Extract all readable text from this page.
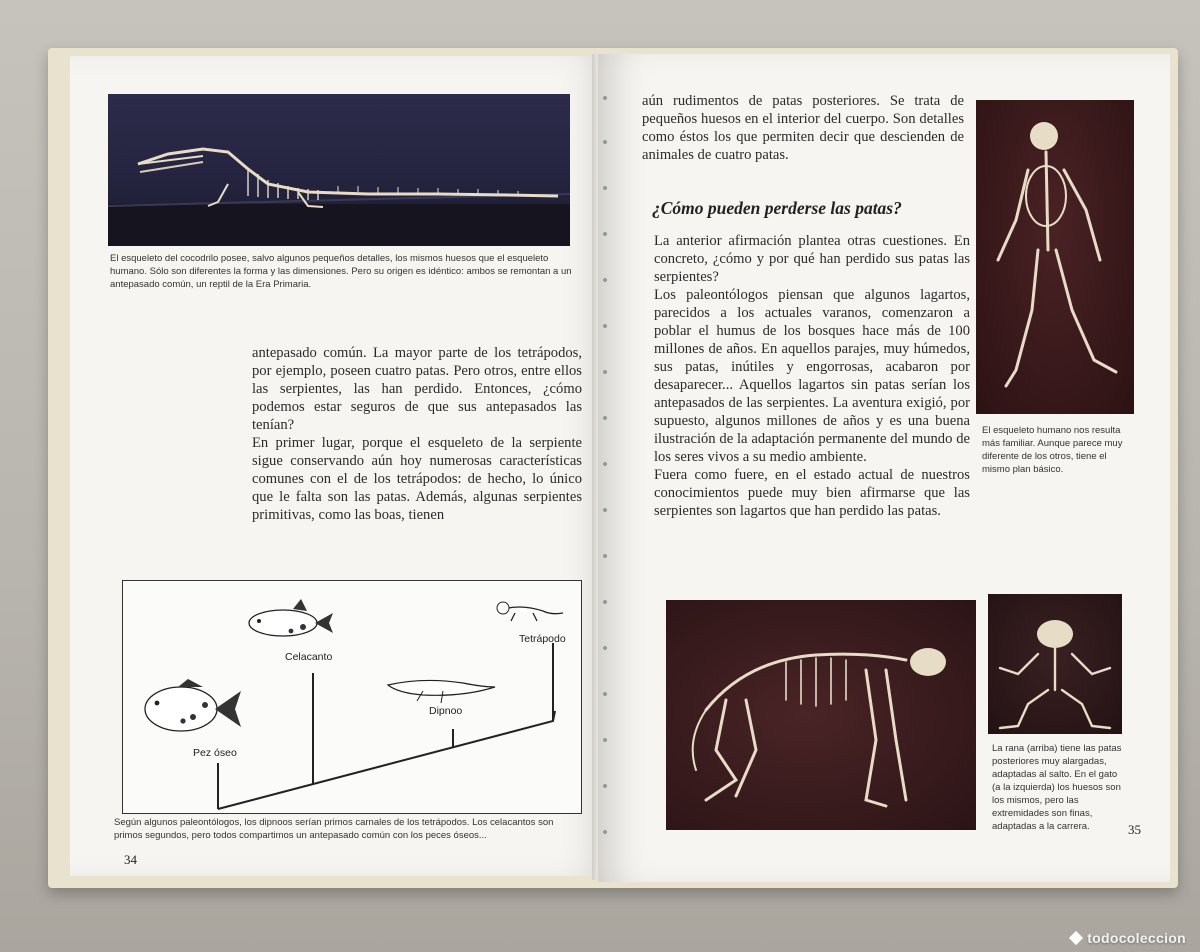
El esqueleto del cocodrilo posee, salvo algunos pequeños detalles, los mismos huesos que el esqueleto humano. Sólo son diferentes la forma y las dimensiones. Pero su origen es idéntico: ambos se remontan a un antepasado común, un reptil de la Era Primaria.

antepasado común. La mayor parte de los tetrápodos, por ejemplo, poseen cuatro patas. Pero otros, entre ellos las serpientes, las han perdido. Entonces, ¿cómo podemos estar seguros de que sus antepasados las tenían?

En primer lugar, porque el esqueleto de la serpiente sigue conservando aún hoy numerosas características comunes con el de los tetrápodos: de hecho, lo único que le falta son las patas. Además, algunas serpientes primitivas, como las boas, tienen

Según algunos paleontólogos, los dipnoos serían primos carnales de los tetrápodos. Los celacantos son primos segundos, pero todos compartimos un antepasado común con los peces óseos...
34
Celacanto
Tetrápodo
Dipnoo
Pez óseo
aún rudimentos de patas posteriores. Se trata de pequeños huesos en el interior del cuerpo. Son detalles como éstos los que permiten decir que descienden de animales de cuatro patas.
¿Cómo pueden perderse las patas?

La anterior afirmación plantea otras cuestiones. En concreto, ¿cómo y por qué han perdido sus patas las serpientes?

Los paleontólogos piensan que algunos lagartos, parecidos a los actuales varanos, comenzaron a poblar el humus de los bosques hace más de 100 millones de años. En aquellos parajes, muy húmedos, sus patas, inútiles y engorrosas, acabaron por desaparecer... Aquellos lagartos sin patas serían los antepasados de las serpientes. La aventura exigió, por supuesto, algunos millones de años y es una buena ilustración de la adaptación permanente del mundo de los seres vivos a su medio ambiente.

Fuera como fuere, en el estado actual de nuestros conocimientos puede muy bien afirmarse que las serpientes son lagartos que han perdido las patas.

El esqueleto humano nos resulta más familiar. Aunque parece muy diferente de los otros, tiene el mismo plan básico.
La rana (arriba) tiene las patas posteriores muy alargadas, adaptadas al salto. En el gato (a la izquierda) los huesos son los mismos, pero las extremidades son finas, adaptadas a la carrera.	35
todocoleccion
